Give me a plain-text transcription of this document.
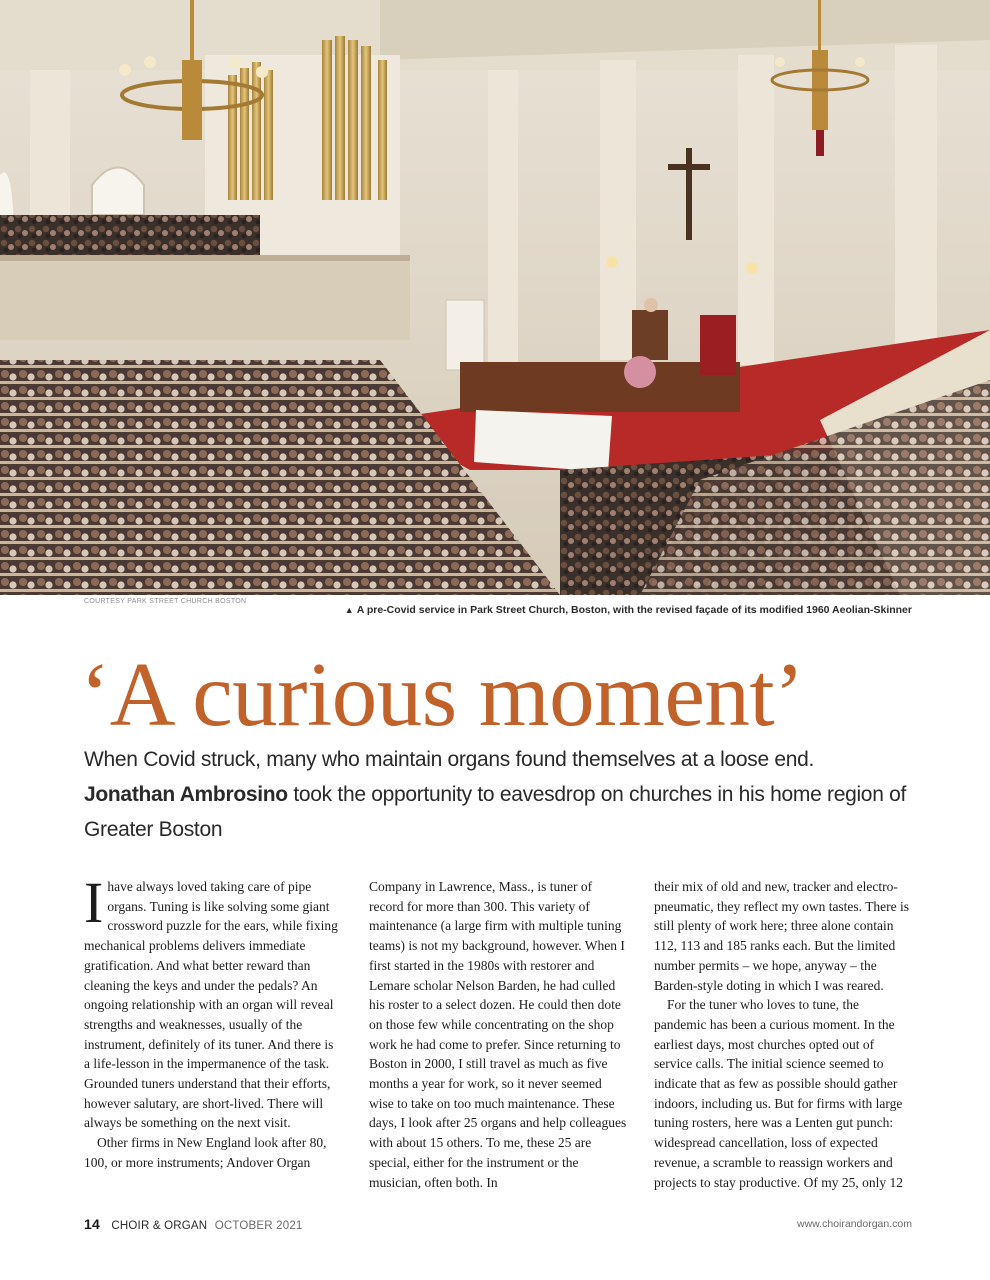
COURTESY PARK STREET CHURCH BOSTON
▲ A pre-Covid service in Park Street Church, Boston, with the revised façade of its modified 1960 Aeolian-Skinner
‘A curious moment’

When Covid struck, many who maintain organs found themselves at a loose end.
Jonathan Ambrosino took the opportunity to eavesdrop on churches in his home region of Greater Boston

Ihave always loved taking care of pipe organs. Tuning is like solving some giant crossword puzzle for the ears, while fixing mechanical problems delivers immediate gratification. And what better reward than cleaning the keys and under the pedals? An ongoing relationship with an organ will reveal strengths and weaknesses, usually of the instrument, definitely of its tuner. And there is a life-lesson in the impermanence of the task. Grounded tuners understand that their efforts, however salutary, are short-lived. There will always be something on the next visit.

Other firms in New England look after 80, 100, or more instruments; Andover Organ

Company in Lawrence, Mass., is tuner of record for more than 300. This variety of maintenance (a large firm with multiple tuning teams) is not my background, however. When I first started in the 1980s with restorer and Lemare scholar Nelson Barden, he had culled his roster to a select dozen. He could then dote on those few while concentrating on the shop work he had come to prefer. Since returning to Boston in 2000, I still travel as much as five months a year for work, so it never seemed wise to take on too much maintenance. These days, I look after 25 organs and help colleagues with about 15 others. To me, these 25 are special, either for the instrument or the musician, often both. In

their mix of old and new, tracker and electro-pneumatic, they reflect my own tastes. There is still plenty of work here; three alone contain 112, 113 and 185 ranks each. But the limited number permits – we hope, anyway – the Barden-style doting in which I was reared.

For the tuner who loves to tune, the pandemic has been a curious moment. In the earliest days, most churches opted out of service calls. The initial science seemed to indicate that as few as possible should gather indoors, including us. But for firms with large tuning rosters, here was a Lenten gut punch: widespread cancellation, loss of expected revenue, a scramble to reassign workers and projects to stay productive. Of my 25, only 12

14 CHOIR & ORGAN OCTOBER 2021	www.choirandorgan.com
